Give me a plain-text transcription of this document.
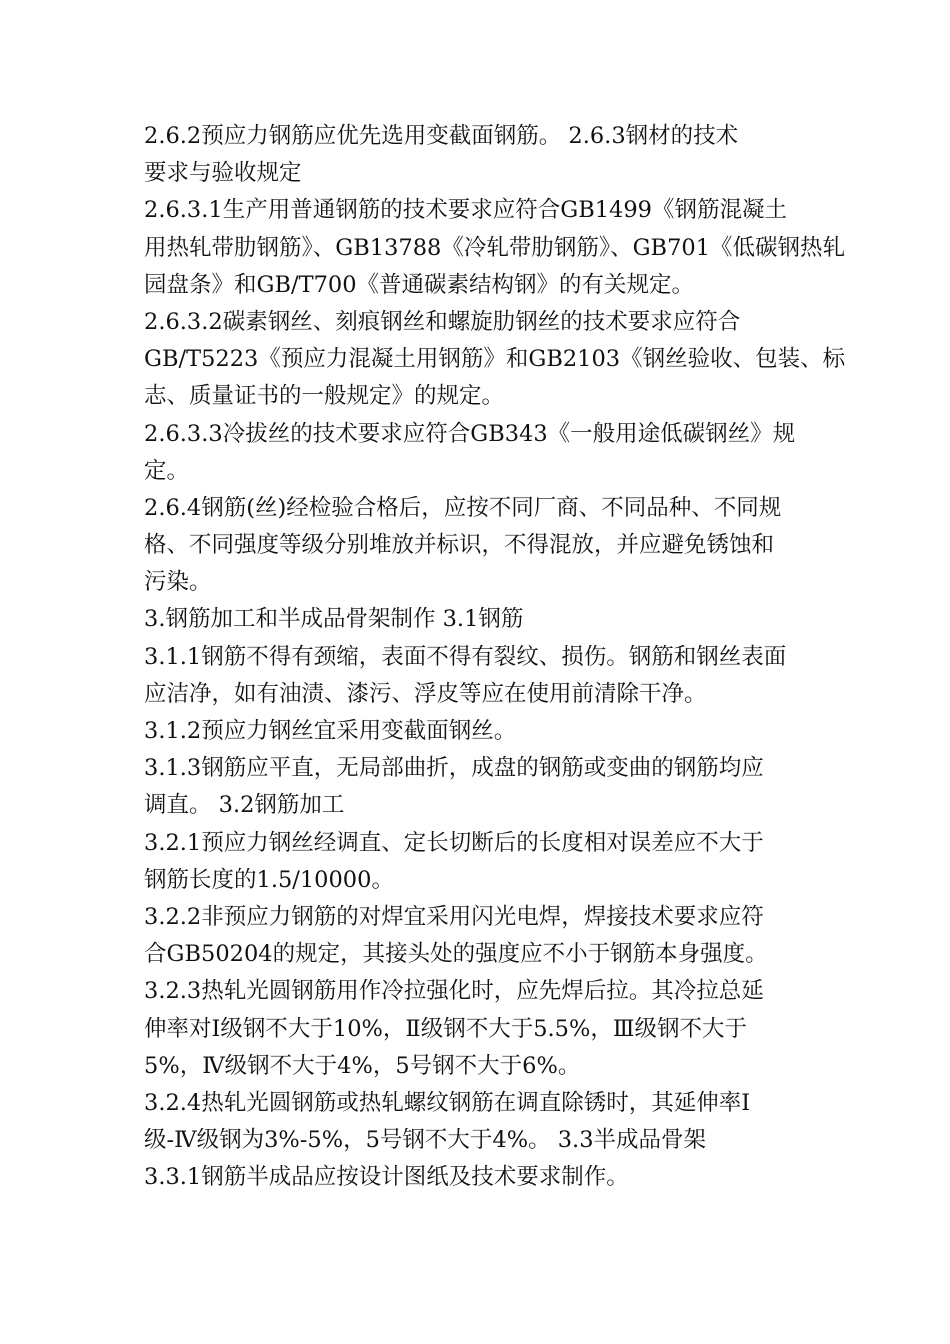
2.6.2预应力钢筋应优先选用变截面钢筋。 2.6.3钢材的技术
要求与验收规定
2.6.3.1生产用普通钢筋的技术要求应符合GB1499《钢筋混凝土
用热轧带肋钢筋》、GB13788《冷轧带肋钢筋》、GB701《低碳钢热轧
园盘条》和GB/T700《普通碳素结构钢》的有关规定。
2.6.3.2碳素钢丝、刻痕钢丝和螺旋肋钢丝的技术要求应符合
GB/T5223《预应力混凝土用钢筋》和GB2103《钢丝验收、包装、标
志、质量证书的一般规定》的规定。
2.6.3.3冷拔丝的技术要求应符合GB343《一般用途低碳钢丝》规
定。
2.6.4钢筋(丝)经检验合格后，应按不同厂商、不同品种、不同规
格、不同强度等级分别堆放并标识，不得混放，并应避免锈蚀和
污染。
3.钢筋加工和半成品骨架制作 3.1钢筋
3.1.1钢筋不得有颈缩，表面不得有裂纹、损伤。钢筋和钢丝表面
应洁净，如有油渍、漆污、浮皮等应在使用前清除干净。
3.1.2预应力钢丝宜采用变截面钢丝。
3.1.3钢筋应平直，无局部曲折，成盘的钢筋或变曲的钢筋均应
调直。 3.2钢筋加工
3.2.1预应力钢丝经调直、定长切断后的长度相对误差应不大于
钢筋长度的1.5/10000。
3.2.2非预应力钢筋的对焊宜采用闪光电焊，焊接技术要求应符
合GB50204的规定，其接头处的强度应不小于钢筋本身强度。
3.2.3热轧光圆钢筋用作冷拉强化时，应先焊后拉。其冷拉总延
伸率对Ⅰ级钢不大于10%，Ⅱ级钢不大于5.5%，Ⅲ级钢不大于
5%，Ⅳ级钢不大于4%，5号钢不大于6%。
3.2.4热轧光圆钢筋或热轧螺纹钢筋在调直除锈时，其延伸率Ⅰ
级-Ⅳ级钢为3%-5%，5号钢不大于4%。 3.3半成品骨架
3.3.1钢筋半成品应按设计图纸及技术要求制作。
